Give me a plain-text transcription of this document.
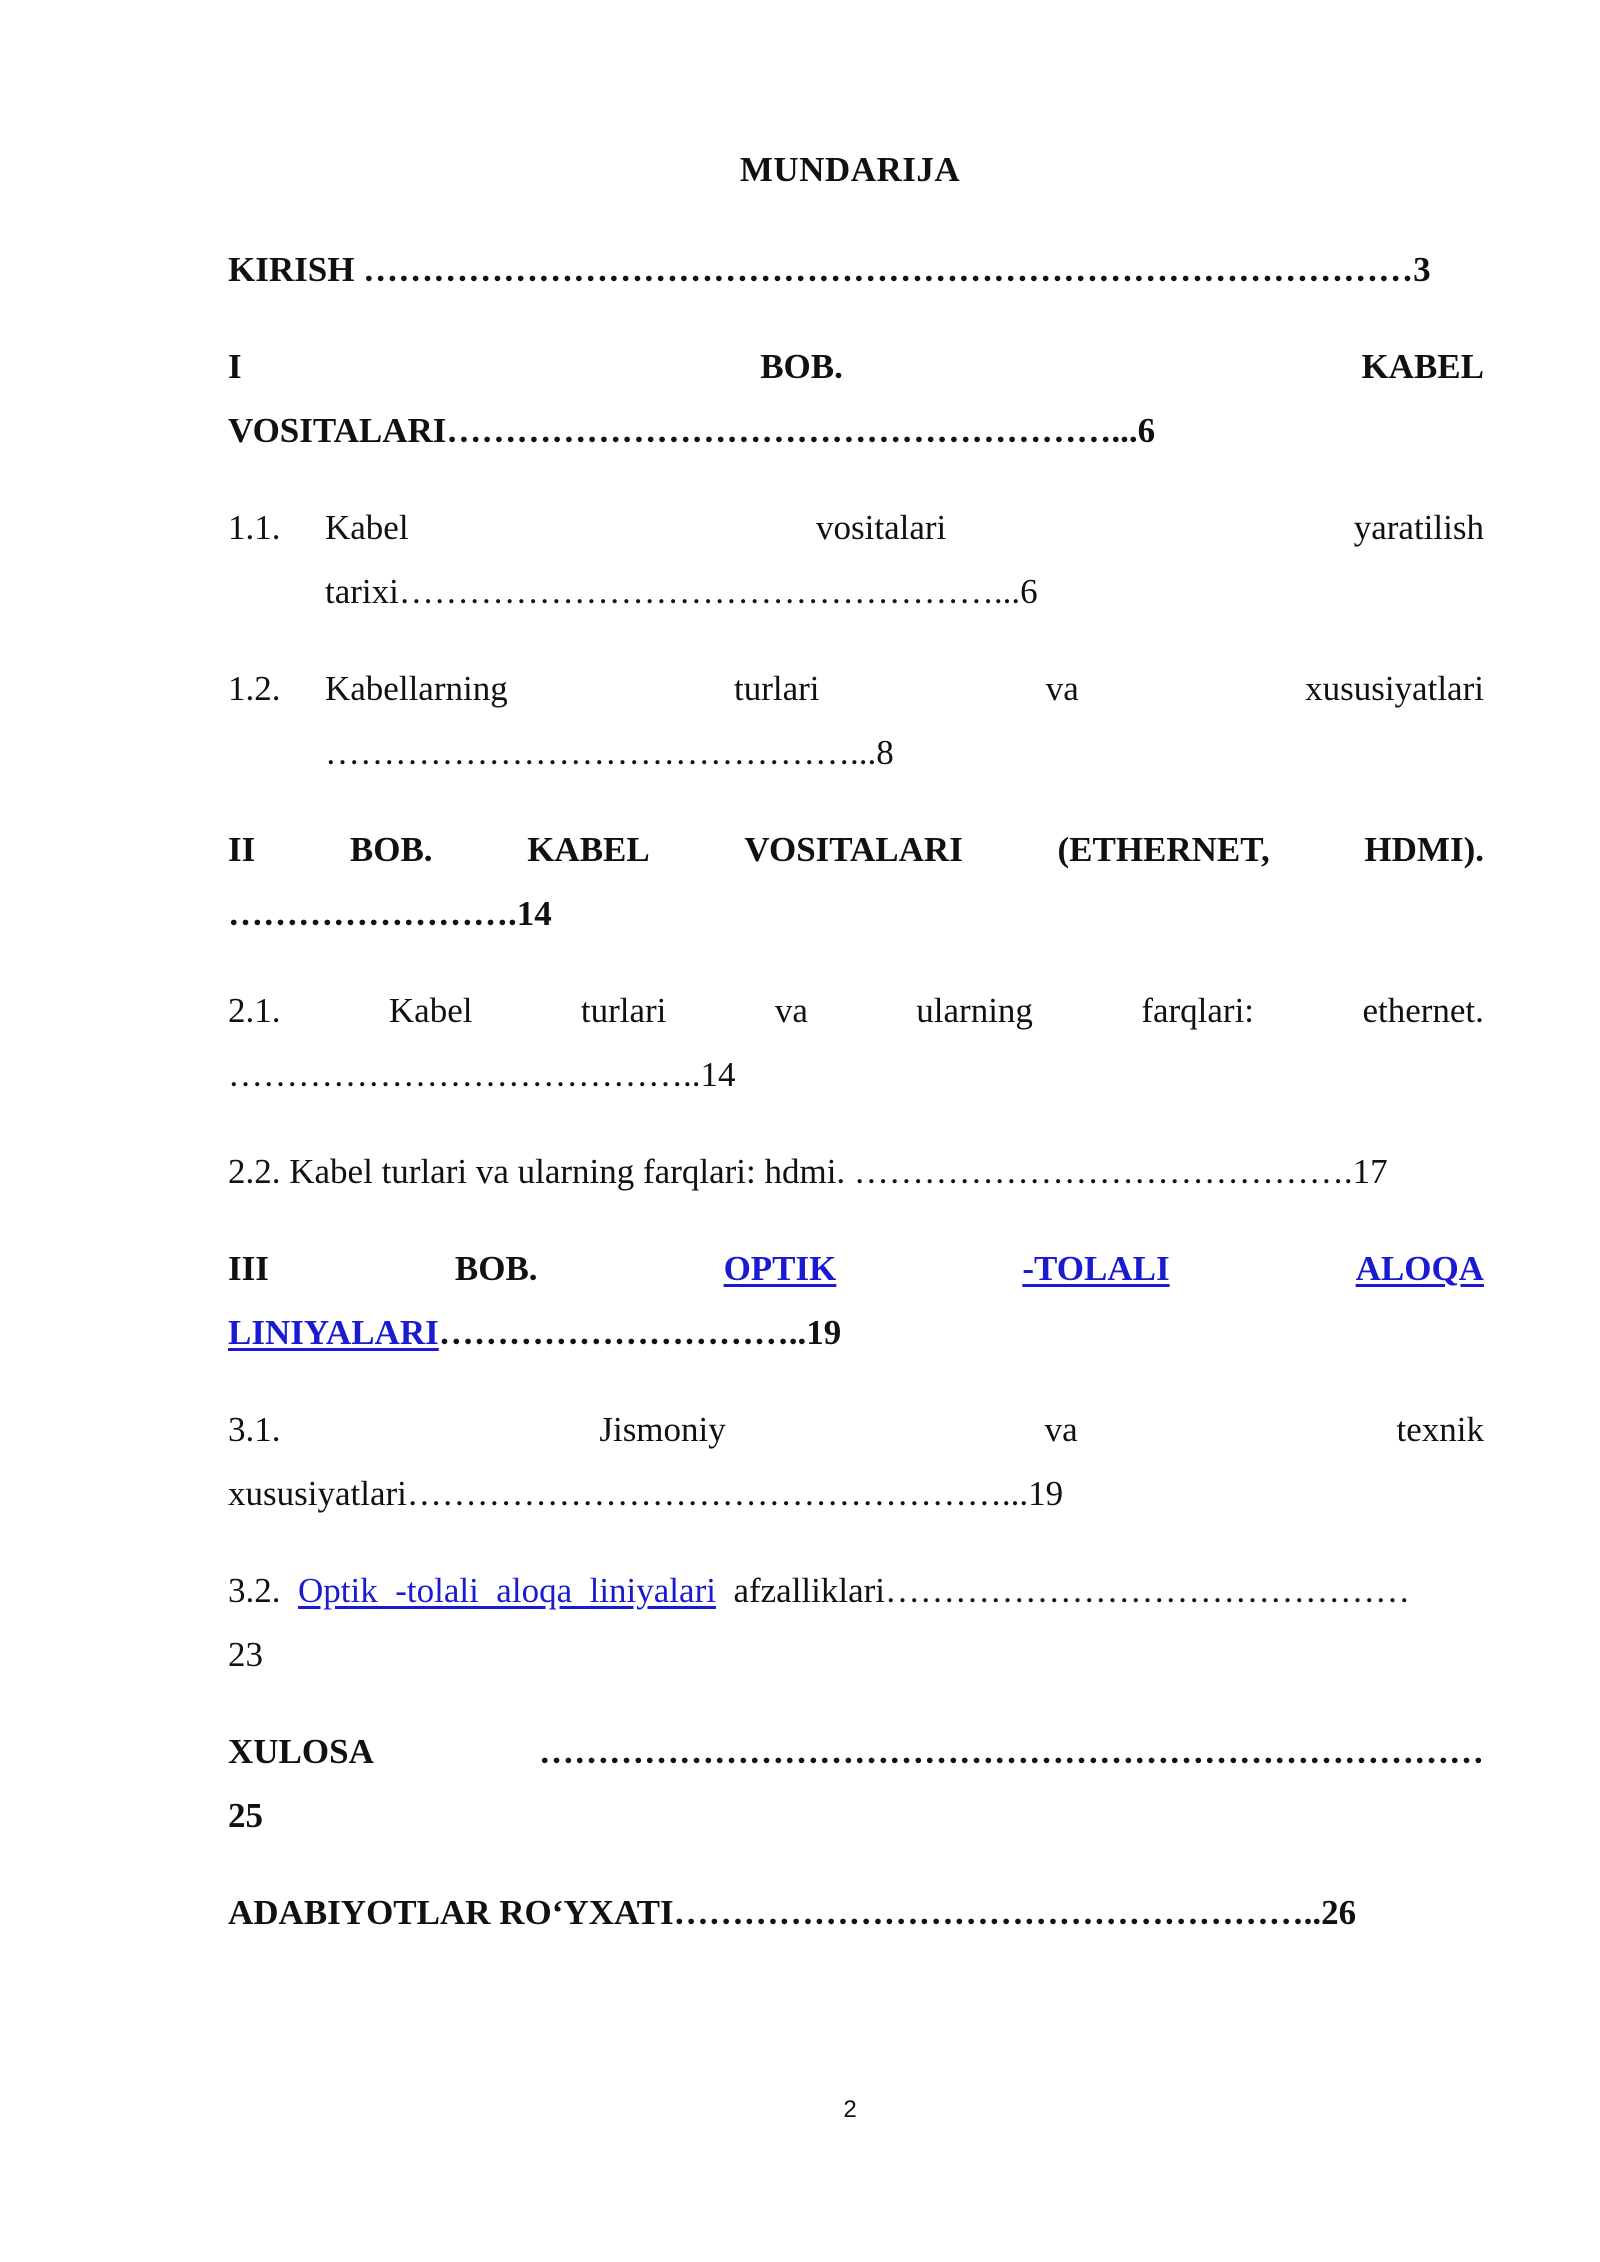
MUNDARIJA
KIRISH ………………………………………………………………………………3
I	BOB.	KABEL
VOSITALARI…………………………………………………...6
1.1.	Kabel	vositalari	yaratilish
tarixi……………………………………………...6
1.2.	Kabellarning	turlari	va	xususiyatlari
………………………………………...8
II	BOB.	KABEL	VOSITALARI	(ETHERNET,	HDMI).
…………………….14
2.1.	Kabel	turlari	va	ularning	farqlari:	ethernet.
…………………………………..14
2.2. Kabel turlari va ularning farqlari: hdmi. …………………………………….17
III	BOB.	OPTIK	-TOLALI	ALOQA
LINIYALARI…………………………..19
3.1.	Jismoniy	va	texnik
xususiyatlari……………………………………………...19
3.2. Optik  -tolali  aloqa  liniyalari afzalliklari………………………………………
23
XULOSA	………………………………………………………………………
25
ADABIYOTLAR RO‘YXATI………………………………………………..26
2
